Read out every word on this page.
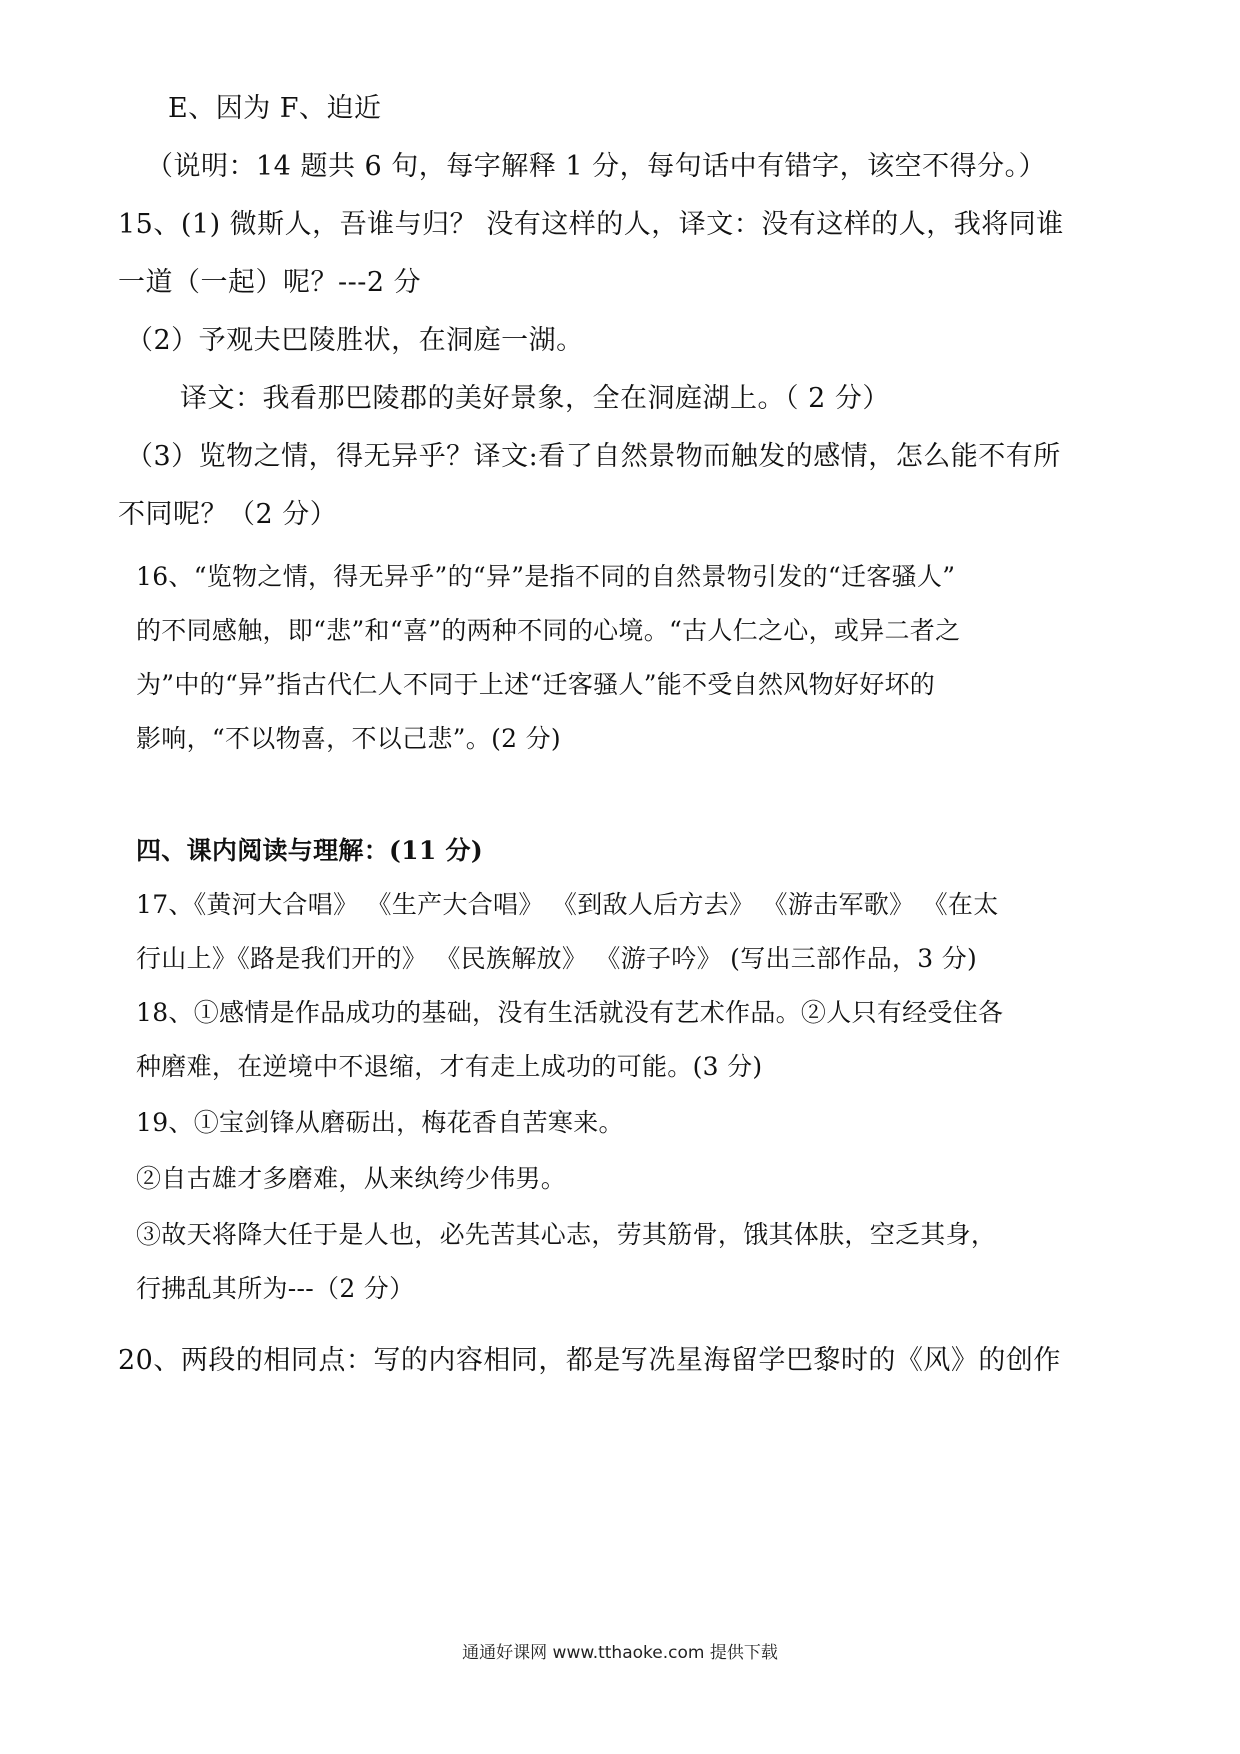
E、因为 F、迫近
（说明：14 题共 6 句，每字解释 1 分，每句话中有错字，该空不得分。）
15、(1) 微斯人，吾谁与归？ 没有这样的人，译文：没有这样的人，我将同谁
一道（一起）呢？---2 分
（2）予观夫巴陵胜状，在洞庭一湖。
译文：我看那巴陵郡的美好景象，全在洞庭湖上。（ 2 分）
（3）览物之情，得无异乎？译文:看了自然景物而触发的感情，怎么能不有所
不同呢？（2 分）
16、“览物之情，得无异乎”的“异”是指不同的自然景物引发的“迁客骚人”
的不同感触，即“悲”和“喜”的两种不同的心境。“古人仁之心，或异二者之
为”中的“异”指古代仁人不同于上述“迁客骚人”能不受自然风物好好坏的
影响，“不以物喜，不以己悲”。(2 分)
四、课内阅读与理解：(11 分)
17、《黄河大合唱》 《生产大合唱》 《到敌人后方去》 《游击军歌》 《在太
行山上》《路是我们开的》 《民族解放》 《游子吟》 (写出三部作品，3 分)
18、①感情是作品成功的基础，没有生活就没有艺术作品。②人只有经受住各
种磨难，在逆境中不退缩，才有走上成功的可能。(3 分)
19、①宝剑锋从磨砺出，梅花香自苦寒来。
②自古雄才多磨难，从来纨绔少伟男。
③故天将降大任于是人也，必先苦其心志，劳其筋骨，饿其体肤，空乏其身，
行拂乱其所为---（2 分）
20、两段的相同点：写的内容相同，都是写冼星海留学巴黎时的《风》的创作
通通好课网 www.tthaoke.com 提供下载
